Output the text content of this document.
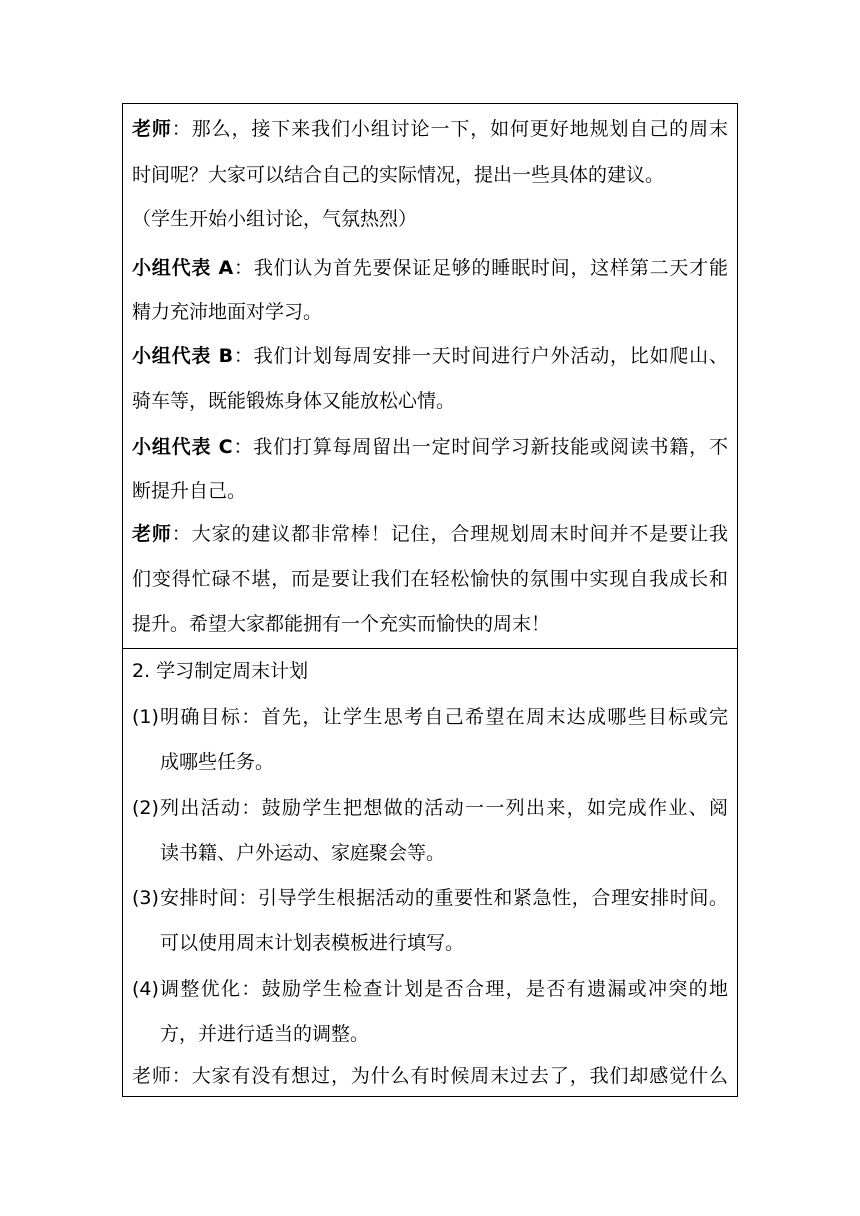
老师：那么，接下来我们小组讨论一下，如何更好地规划自己的周末
时间呢？大家可以结合自己的实际情况，提出一些具体的建议。
（学生开始小组讨论，气氛热烈）
小组代表 A：我们认为首先要保证足够的睡眠时间，这样第二天才能
精力充沛地面对学习。
小组代表 B：我们计划每周安排一天时间进行户外活动，比如爬山、
骑车等，既能锻炼身体又能放松心情。
小组代表 C：我们打算每周留出一定时间学习新技能或阅读书籍，不
断提升自己。
老师：大家的建议都非常棒！记住，合理规划周末时间并不是要让我
们变得忙碌不堪，而是要让我们在轻松愉快的氛围中实现自我成长和
提升。希望大家都能拥有一个充实而愉快的周末！
2. 学习制定周末计划
(1) 明确目标：首先，让学生思考自己希望在周末达成哪些目标或完
成哪些任务。
(2) 列出活动：鼓励学生把想做的活动一一列出来，如完成作业、阅
读书籍、户外运动、家庭聚会等。
(3) 安排时间：引导学生根据活动的重要性和紧急性，合理安排时间。
可以使用周末计划表模板进行填写。
(4) 调整优化：鼓励学生检查计划是否合理，是否有遗漏或冲突的地
方，并进行适当的调整。
老师：大家有没有想过，为什么有时候周末过去了，我们却感觉什么
